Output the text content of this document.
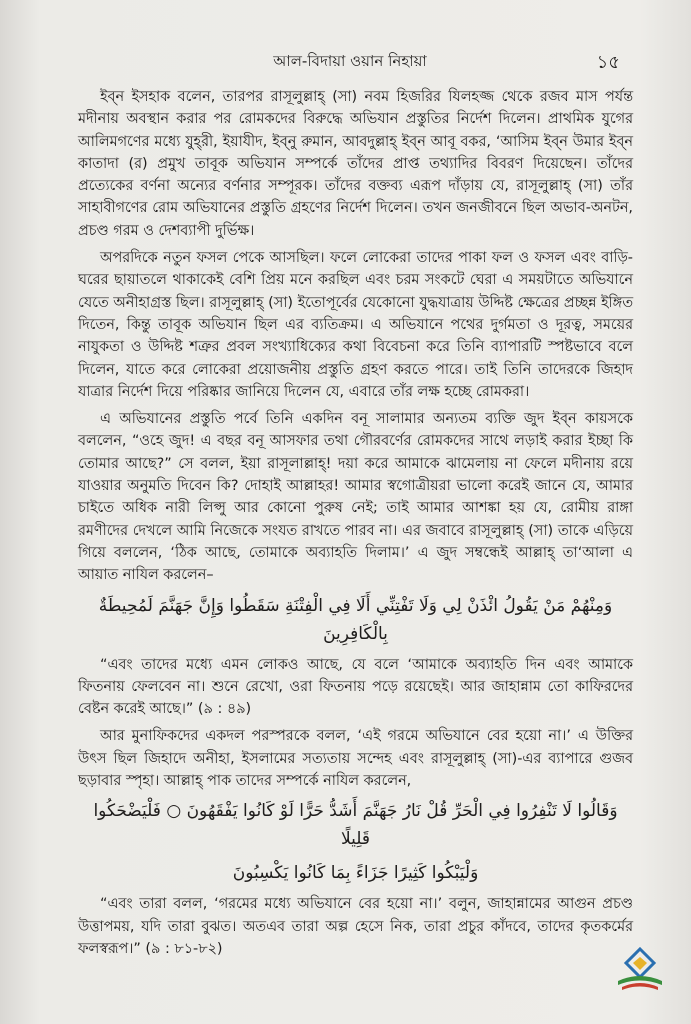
আল-বিদায়া ওয়ান নিহায়া	১৫

ইব্ন ইসহাক বলেন, তারপর রাসূলুল্লাহ্ (সা) নবম হিজরির যিলহজ্জ থেকে রজব মাস পর্যন্ত মদীনায় অবস্থান করার পর রোমকদের বিরুদ্ধে অভিযান প্রস্তুতির নির্দেশ দিলেন। প্রাথমিক যুগের আলিমগণের মধ্যে যুহ্‌রী, ইয়াযীদ, ইব্‌নু রুমান, আবদুল্লাহ্ ইব্‌ন আবূ বকর, ‘আসিম ইব্‌ন উমার ইব্‌ন কাতাদা (র) প্রমুখ তাবূক অভিযান সম্পর্কে তাঁদের প্রাপ্ত তথ্যাদির বিবরণ দিয়েছেন। তাঁদের প্রত্যেকের বর্ণনা অন্যের বর্ণনার সম্পূরক। তাঁদের বক্তব্য এরূপ দাঁড়ায় যে, রাসূলুল্লাহ্ (সা) তাঁর সাহাবীগণের রোম অভিযানের প্রস্তুতি গ্রহণের নির্দেশ দিলেন। তখন জনজীবনে ছিল অভাব-অনটন, প্রচণ্ড গরম ও দেশব্যাপী দুর্ভিক্ষ।

অপরদিকে নতুন ফসল পেকে আসছিল। ফলে লোকেরা তাদের পাকা ফল ও ফসল এবং বাড়ি-ঘরের ছায়াতলে থাকাকেই বেশি প্রিয় মনে করছিল এবং চরম সংকটে ঘেরা এ সময়টাতে অভিযানে যেতে অনীহাগ্রস্ত ছিল। রাসূলুল্লাহ্ (সা) ইতোপূর্বের যেকোনো যুদ্ধযাত্রায় উদ্দিষ্ট ক্ষেত্রের প্রচ্ছন্ন ইঙ্গিত দিতেন, কিন্তু তাবূক অভিযান ছিল এর ব্যতিক্রম। এ অভিযানে পথের দুর্গমতা ও দূরত্ব, সময়ের নাযুকতা ও উদ্দিষ্ট শত্রুর প্রবল সংখ্যাধিক্যের কথা বিবেচনা করে তিনি ব্যাপারটি স্পষ্টভাবে বলে দিলেন, যাতে করে লোকেরা প্রয়োজনীয় প্রস্তুতি গ্রহণ করতে পারে। তাই তিনি তাদেরকে জিহাদ যাত্রার নির্দেশ দিয়ে পরিষ্কার জানিয়ে দিলেন যে, এবারে তাঁর লক্ষ হচ্ছে রোমকরা।

এ অভিযানের প্রস্তুতি পর্বে তিনি একদিন বনূ সালামার অন্যতম ব্যক্তি জুদ ইব্‌ন কায়সকে বললেন, “ওহে জুদ! এ বছর বনূ আসফার তথা গৌরবর্ণের রোমকদের সাথে লড়াই করার ইচ্ছা কি তোমার আছে?” সে বলল, ইয়া রাসূলাল্লাহ্! দয়া করে আমাকে ঝামেলায় না ফেলে মদীনায় রয়ে যাওয়ার অনুমতি দিবেন কি? দোহাই আল্লাহর! আমার স্বগোত্রীয়রা ভালো করেই জানে যে, আমার চাইতে অধিক নারী লিপ্সু আর কোনো পুরুষ নেই; তাই আমার আশঙ্কা হয় যে, রোমীয় রাঙ্গা রমণীদের দেখলে আমি নিজেকে সংযত রাখতে পারব না। এর জবাবে রাসূলুল্লাহ্ (সা) তাকে এড়িয়ে গিয়ে বললেন, ‘ঠিক আছে, তোমাকে অব্যাহতি দিলাম।’ এ জুদ সম্বন্ধেই আল্লাহ্ তা‘আলা এ আয়াত নাযিল করলেন–

وَمِنْهُمْ مَنْ يَقُولُ ائْذَنْ لِي وَلَا تَفْتِنِّي أَلَا فِي الْفِتْنَةِ سَقَطُوا وَإِنَّ جَهَنَّمَ لَمُحِيطَةٌ بِالْكَافِرِينَ

“এবং তাদের মধ্যে এমন লোকও আছে, যে বলে ‘আমাকে অব্যাহতি দিন এবং আমাকে ফিতনায় ফেলবেন না। শুনে রেখো, ওরা ফিতনায় পড়ে রয়েছেই। আর জাহান্নাম তো কাফিরদের বেষ্টন করেই আছে।” (৯ : ৪৯)

আর মুনাফিকদের একদল পরস্পরকে বলল, ‘এই গরমে অভিযানে বের হয়ো না।’ এ উক্তির উৎস ছিল জিহাদে অনীহা, ইসলামের সত্যতায় সন্দেহ এবং রাসূলুল্লাহ্ (সা)-এর ব্যাপারে গুজব ছড়াবার স্পৃহা। আল্লাহ্ পাক তাদের সম্পর্কে নাযিল করলেন,

وَقَالُوا لَا تَنْفِرُوا فِي الْحَرِّ قُلْ نَارُ جَهَنَّمَ أَشَدُّ حَرًّا لَوْ كَانُوا يَفْقَهُونَ ○ فَلْيَضْحَكُوا قَلِيلًا
وَلْيَبْكُوا كَثِيرًا جَزَاءً بِمَا كَانُوا يَكْسِبُونَ

“এবং তারা বলল, ‘গরমের মধ্যে অভিযানে বের হয়ো না।’ বলুন, জাহান্নামের আগুন প্রচণ্ড উত্তাপময়, যদি তারা বুঝত। অতএব তারা অল্প হেসে নিক, তারা প্রচুর কাঁদবে, তাদের কৃতকর্মের ফলস্বরূপ।” (৯ : ৮১-৮২)
